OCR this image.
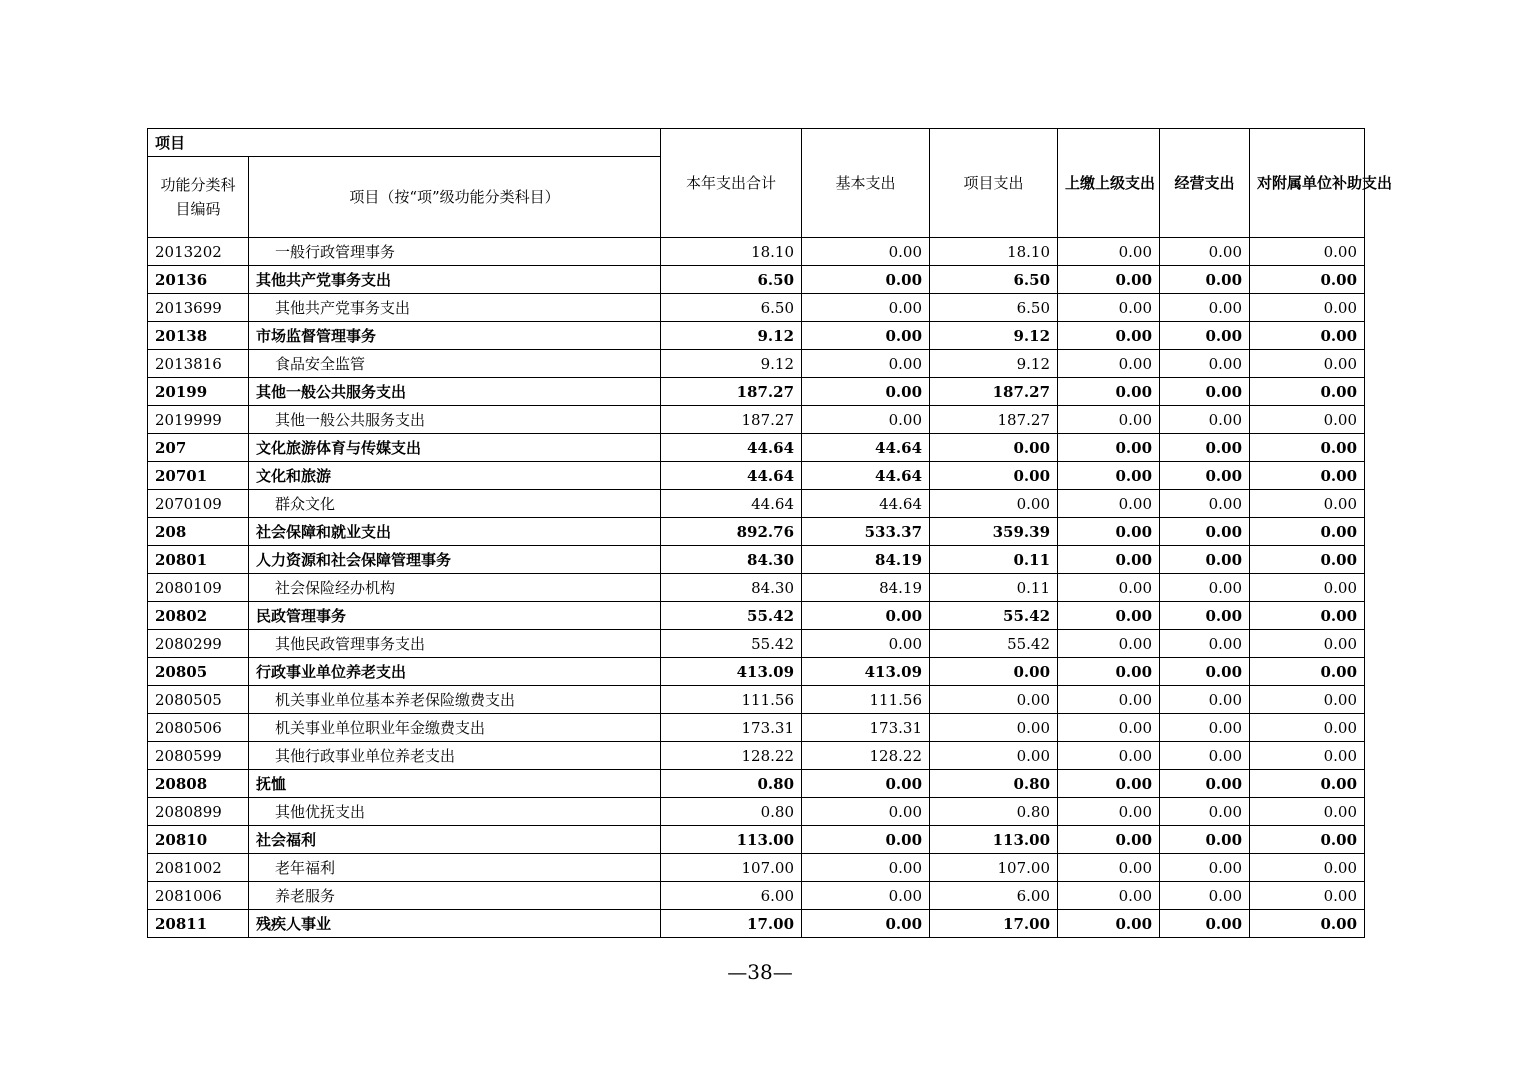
项目		本年支出合计	基本支出	项目支出	上缴上级支出	经营支出	对附属单位补助支出
功能分类科目编码	项目（按“项”级功能分类科目）						
2013202	一般行政管理事务	18.10	0.00	18.10	0.00	0.00	0.00
20136	其他共产党事务支出	6.50	0.00	6.50	0.00	0.00	0.00
2013699	其他共产党事务支出	6.50	0.00	6.50	0.00	0.00	0.00
20138	市场监督管理事务	9.12	0.00	9.12	0.00	0.00	0.00
2013816	食品安全监管	9.12	0.00	9.12	0.00	0.00	0.00
20199	其他一般公共服务支出	187.27	0.00	187.27	0.00	0.00	0.00
2019999	其他一般公共服务支出	187.27	0.00	187.27	0.00	0.00	0.00
207	文化旅游体育与传媒支出	44.64	44.64	0.00	0.00	0.00	0.00
20701	文化和旅游	44.64	44.64	0.00	0.00	0.00	0.00
2070109	群众文化	44.64	44.64	0.00	0.00	0.00	0.00
208	社会保障和就业支出	892.76	533.37	359.39	0.00	0.00	0.00
20801	人力资源和社会保障管理事务	84.30	84.19	0.11	0.00	0.00	0.00
2080109	社会保险经办机构	84.30	84.19	0.11	0.00	0.00	0.00
20802	民政管理事务	55.42	0.00	55.42	0.00	0.00	0.00
2080299	其他民政管理事务支出	55.42	0.00	55.42	0.00	0.00	0.00
20805	行政事业单位养老支出	413.09	413.09	0.00	0.00	0.00	0.00
2080505	机关事业单位基本养老保险缴费支出	111.56	111.56	0.00	0.00	0.00	0.00
2080506	机关事业单位职业年金缴费支出	173.31	173.31	0.00	0.00	0.00	0.00
2080599	其他行政事业单位养老支出	128.22	128.22	0.00	0.00	0.00	0.00
20808	抚恤	0.80	0.00	0.80	0.00	0.00	0.00
2080899	其他优抚支出	0.80	0.00	0.80	0.00	0.00	0.00
20810	社会福利	113.00	0.00	113.00	0.00	0.00	0.00
2081002	老年福利	107.00	0.00	107.00	0.00	0.00	0.00
2081006	养老服务	6.00	0.00	6.00	0.00	0.00	0.00
20811	残疾人事业	17.00	0.00	17.00	0.00	0.00	0.00
—38—
